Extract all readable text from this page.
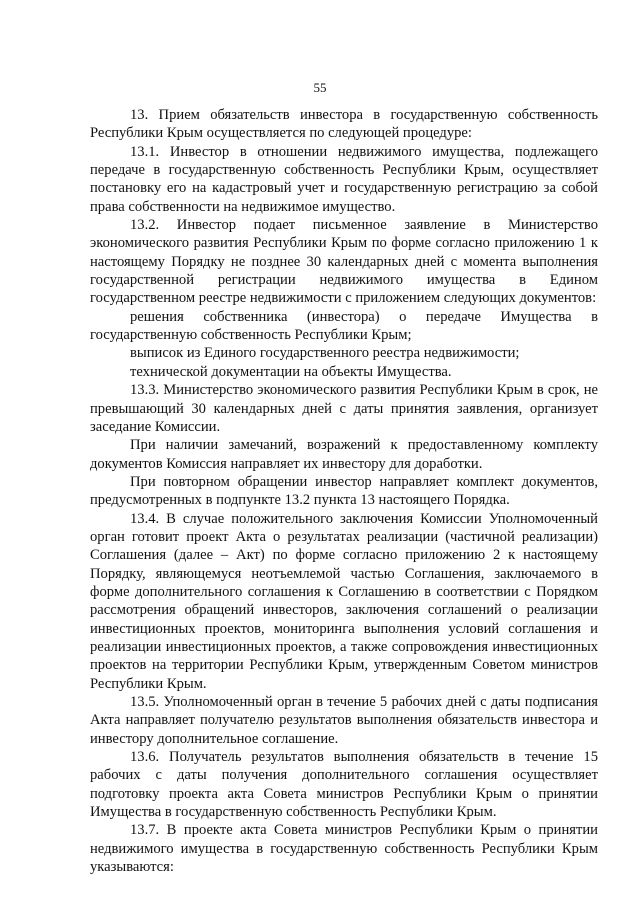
55

13. Прием обязательств инвестора в государственную собственность Республики Крым осуществляется по следующей процедуре:

13.1. Инвестор в отношении недвижимого имущества, подлежащего передаче в государственную собственность Республики Крым, осуществляет постановку его на кадастровый учет и государственную регистрацию за собой права собственности на недвижимое имущество.

13.2. Инвестор подает письменное заявление в Министерство экономического развития Республики Крым по форме согласно приложению 1 к настоящему Порядку не позднее 30 календарных дней с момента выполнения государственной регистрации недвижимого имущества в Едином государственном реестре недвижимости с приложением следующих документов:

решения собственника (инвестора) о передаче Имущества в государственную собственность Республики Крым;

выписок из Единого государственного реестра недвижимости;

технической документации на объекты Имущества.

13.3. Министерство экономического развития Республики Крым в срок, не превышающий 30 календарных дней с даты принятия заявления, организует заседание Комиссии.

При наличии замечаний, возражений к предоставленному комплекту документов Комиссия направляет их инвестору для доработки.

При повторном обращении инвестор направляет комплект документов, предусмотренных в подпункте 13.2 пункта 13 настоящего Порядка.

13.4. В случае положительного заключения Комиссии Уполномоченный орган готовит проект Акта о результатах реализации (частичной реализации) Соглашения (далее – Акт) по форме согласно приложению 2 к настоящему Порядку, являющемуся неотъемлемой частью Соглашения, заключаемого в форме дополнительного соглашения к Соглашению в соответствии с Порядком рассмотрения обращений инвесторов, заключения соглашений о реализации инвестиционных проектов, мониторинга выполнения условий соглашения и реализации инвестиционных проектов, а также сопровождения инвестиционных проектов на территории Республики Крым, утвержденным Советом министров Республики Крым.

13.5. Уполномоченный орган в течение 5 рабочих дней с даты подписания Акта направляет получателю результатов выполнения обязательств инвестора и инвестору дополнительное соглашение.

13.6. Получатель результатов выполнения обязательств в течение 15 рабочих с даты получения дополнительного соглашения осуществляет подготовку проекта акта Совета министров Республики Крым о принятии Имущества в государственную собственность Республики Крым.

13.7. В проекте акта Совета министров Республики Крым о принятии недвижимого имущества в государственную собственность Республики Крым указываются:
